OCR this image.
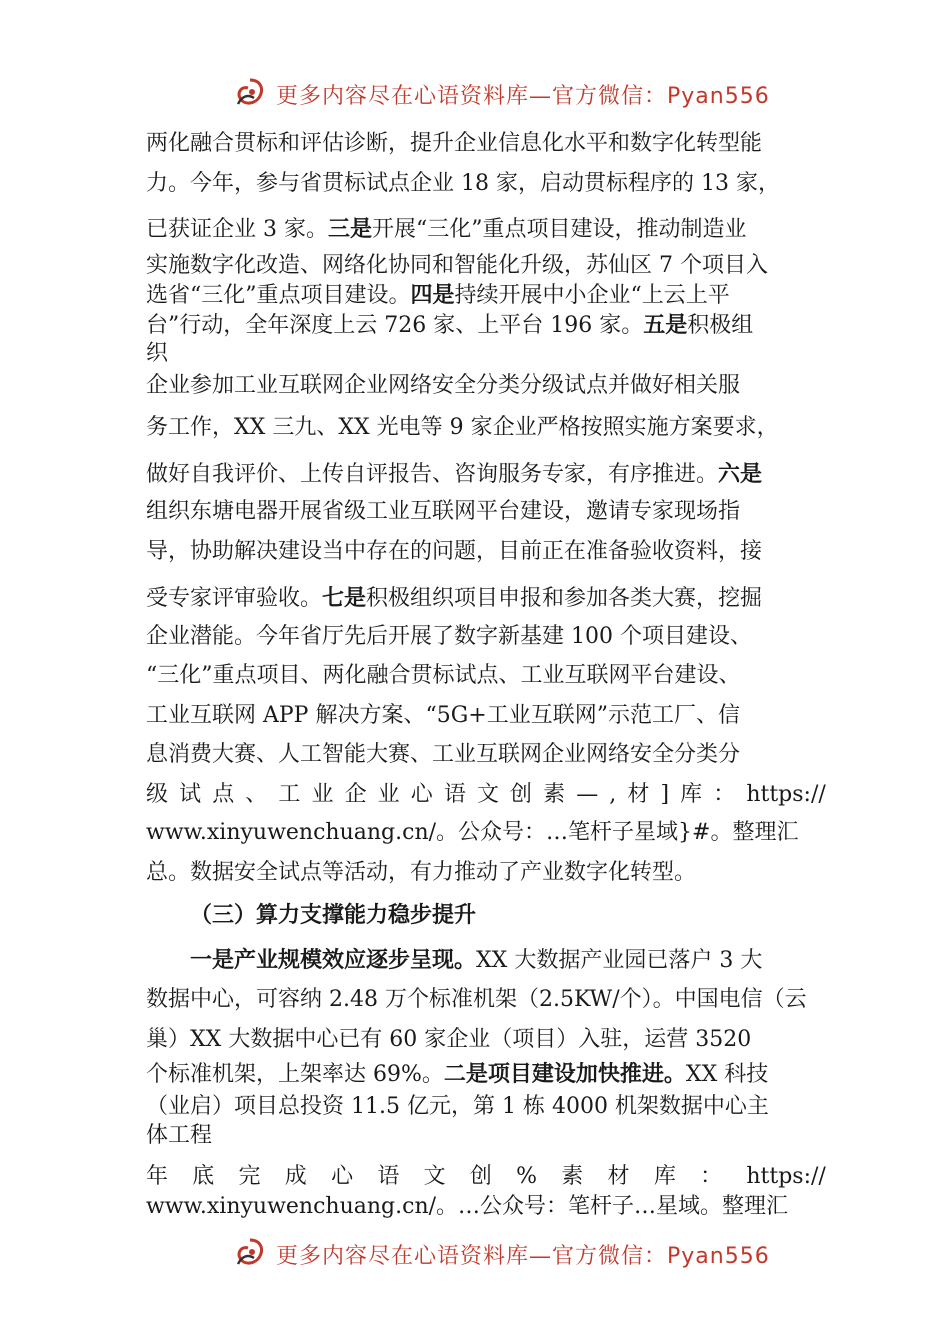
更多内容尽在心语资料库—官方微信：Pyan556
两化融合贯标和评估诊断，提升企业信息化水平和数字化转型能
力。今年，参与省贯标试点企业 18 家，启动贯标程序的 13 家，
已获证企业 3 家。三是开展“三化”重点项目建设，推动制造业
实施数字化改造、网络化协同和智能化升级，苏仙区 7 个项目入
选省“三化”重点项目建设。四是持续开展中小企业“上云上平
台”行动，全年深度上云 726 家、上平台 196 家。五是积极组
织
企业参加工业互联网企业网络安全分类分级试点并做好相关服
务工作，XX 三九、XX 光电等 9 家企业严格按照实施方案要求，
做好自我评价、上传自评报告、咨询服务专家，有序推进。六是
组织东塘电器开展省级工业互联网平台建设，邀请专家现场指
导，协助解决建设当中存在的问题，目前正在准备验收资料，接
受专家评审验收。七是积极组织项目申报和参加各类大赛，挖掘
企业潜能。今年省厅先后开展了数字新基建 100 个项目建设、
“三化”重点项目、两化融合贯标试点、工业互联网平台建设、
工业互联网 APP 解决方案、“5G+工业互联网”示范工厂、信
息消费大赛、人工智能大赛、工业互联网企业网络安全分类分
级 试 点 、 工 业 企 业 心 语 文 创 素 — , 材 ] 库 ： https://
www.xinyuwenchuang.cn/。公众号：…笔杆子星域}#。整理汇
总。数据安全试点等活动，有力推动了产业数字化转型。
（三）算力支撑能力稳步提升
一是产业规模效应逐步呈现。XX 大数据产业园已落户 3 大
数据中心，可容纳 2.48 万个标准机架（2.5KW/个）。中国电信（云
巢）XX 大数据中心已有 60 家企业（项目）入驻，运营 3520
个标准机架，上架率达 69%。二是项目建设加快推进。XX 科技
（业启）项目总投资 11.5 亿元，第 1 栋 4000 机架数据中心主
体工程
年 底 完 成 心 语 文 创 % 素 材 库 ： https://
www.xinyuwenchuang.cn/。…公众号：笔杆子…星域。整理汇
更多内容尽在心语资料库—官方微信：Pyan556
